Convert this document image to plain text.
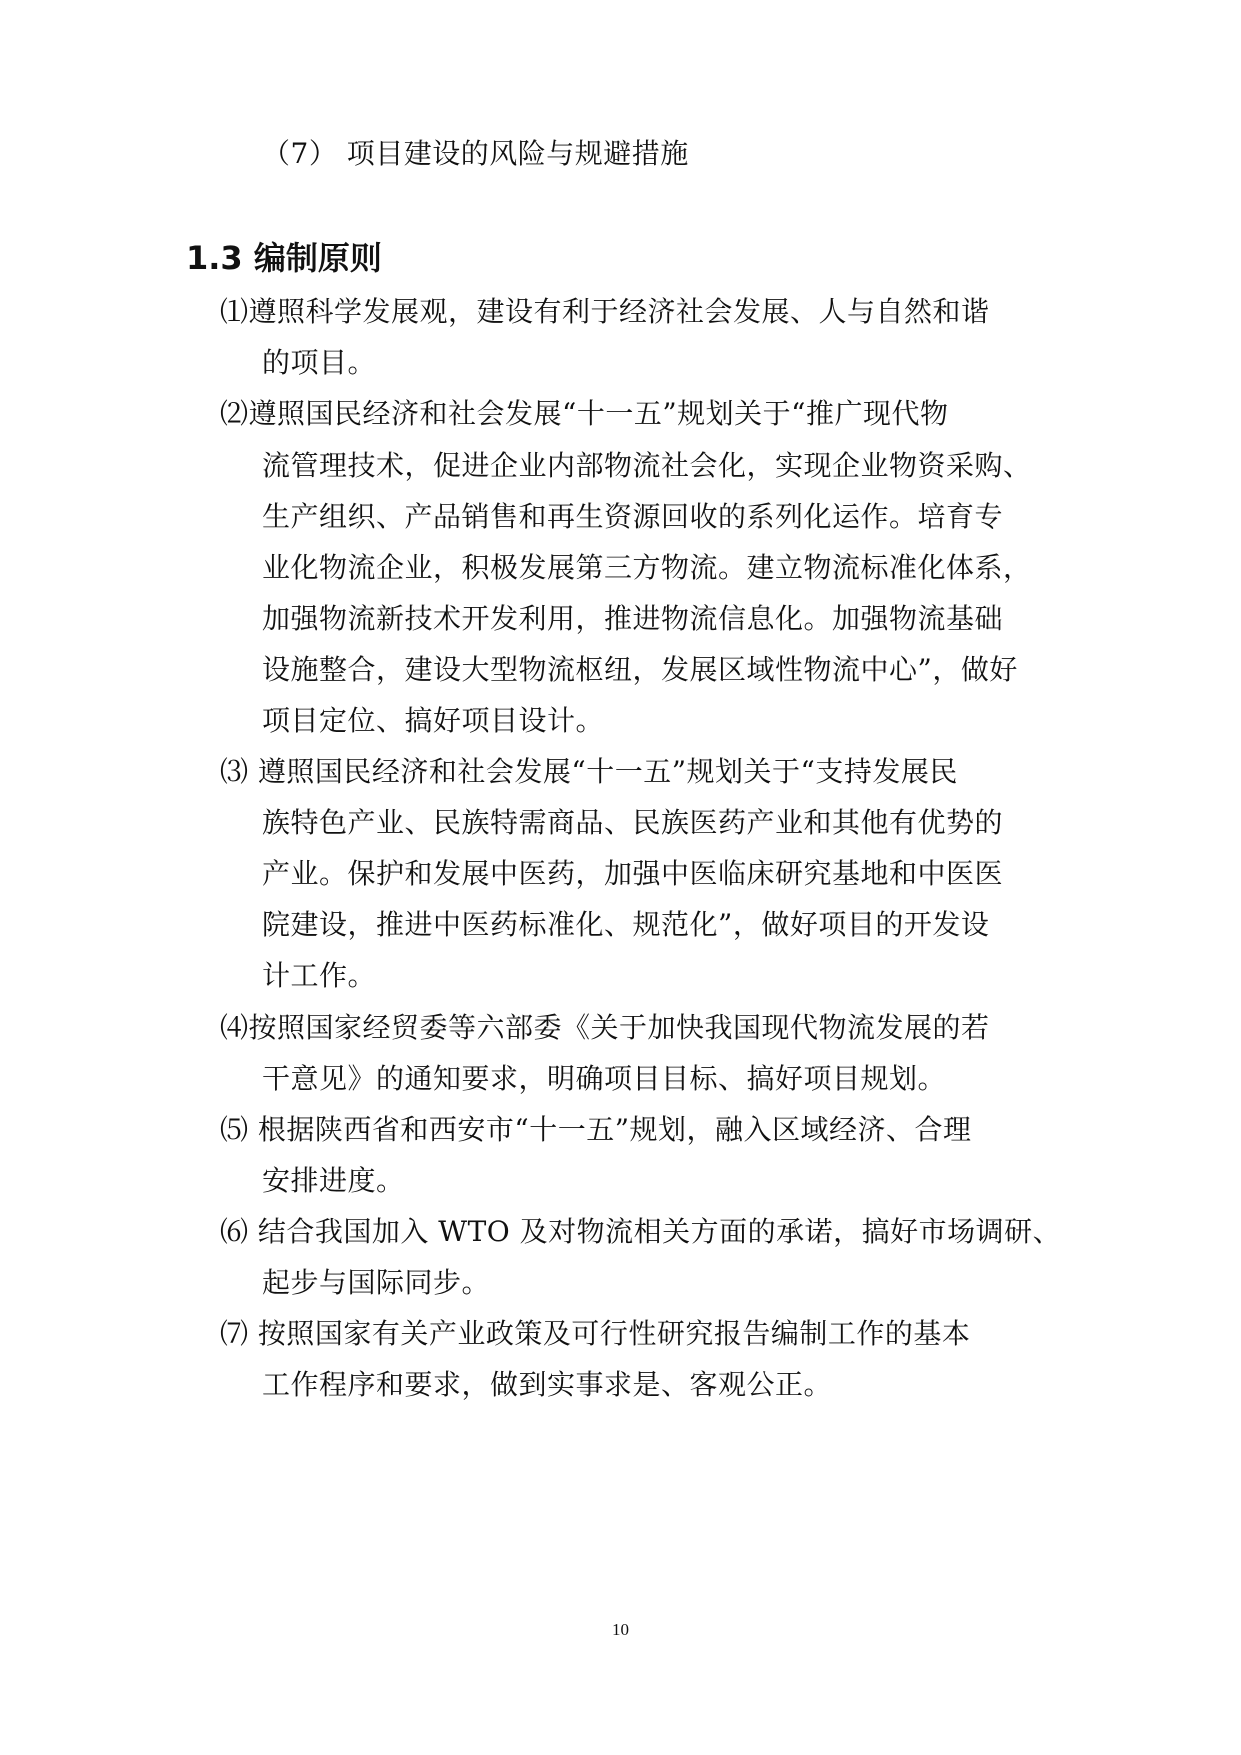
（7） 项目建设的风险与规避措施
1.3 编制原则
⑴遵照科学发展观，建设有利于经济社会发展、人与自然和谐
的项目。
⑵遵照国民经济和社会发展“十一五”规划关于“推广现代物
流管理技术，促进企业内部物流社会化，实现企业物资采购、
生产组织、产品销售和再生资源回收的系列化运作。培育专
业化物流企业，积极发展第三方物流。建立物流标准化体系，
加强物流新技术开发利用，推进物流信息化。加强物流基础
设施整合，建设大型物流枢纽，发展区域性物流中心”，做好
项目定位、搞好项目设计。
⑶ 遵照国民经济和社会发展“十一五”规划关于“支持发展民
族特色产业、民族特需商品、民族医药产业和其他有优势的
产业。保护和发展中医药，加强中医临床研究基地和中医医
院建设，推进中医药标准化、规范化”，做好项目的开发设
计工作。
⑷按照国家经贸委等六部委《关于加快我国现代物流发展的若
干意见》的通知要求，明确项目目标、搞好项目规划。
⑸ 根据陕西省和西安市“十一五”规划，融入区域经济、合理
安排进度。
⑹ 结合我国加入 WTO 及对物流相关方面的承诺，搞好市场调研、
起步与国际同步。
⑺ 按照国家有关产业政策及可行性研究报告编制工作的基本
工作程序和要求，做到实事求是、客观公正。
10
